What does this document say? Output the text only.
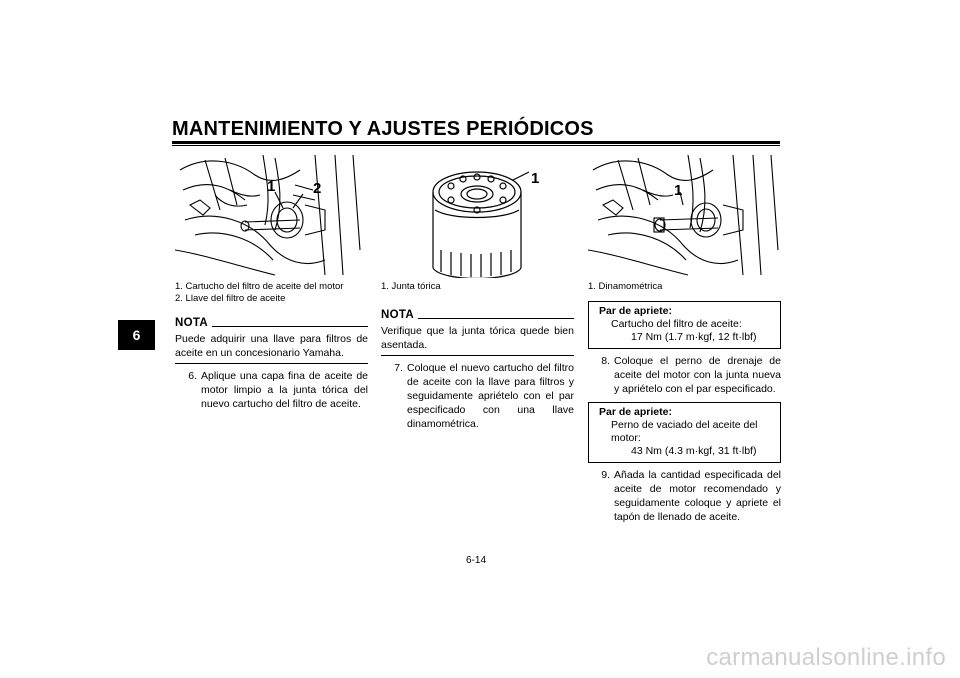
MANTENIMIENTO Y AJUSTES PERIÓDICOS
6
1	2
1. Cartucho del filtro de aceite del motor
2. Llave del filtro de aceite
NOTA
Puede adquirir una llave para filtros de aceite en un concesionario Yamaha.
6. Aplique una capa fina de aceite de motor limpio a la junta tórica del nuevo cartucho del filtro de aceite.
1
1. Junta tórica
NOTA
Verifique que la junta tórica quede bien asentada.
7. Coloque el nuevo cartucho del filtro de aceite con la llave para filtros y seguidamente apriételo con el par especificado con una llave dinamométrica.
1
1. Dinamométrica
Par de apriete:
Cartucho del filtro de aceite:
17 Nm (1.7 m·kgf, 12 ft·lbf)
8. Coloque el perno de drenaje de aceite del motor con la junta nueva y apriételo con el par especificado.
Par de apriete:
Perno de vaciado del aceite del motor:
43 Nm (4.3 m·kgf, 31 ft·lbf)
9. Añada la cantidad especificada del aceite de motor recomendado y seguidamente coloque y apriete el tapón de llenado de aceite.
6-14
carmanualsonline.info
